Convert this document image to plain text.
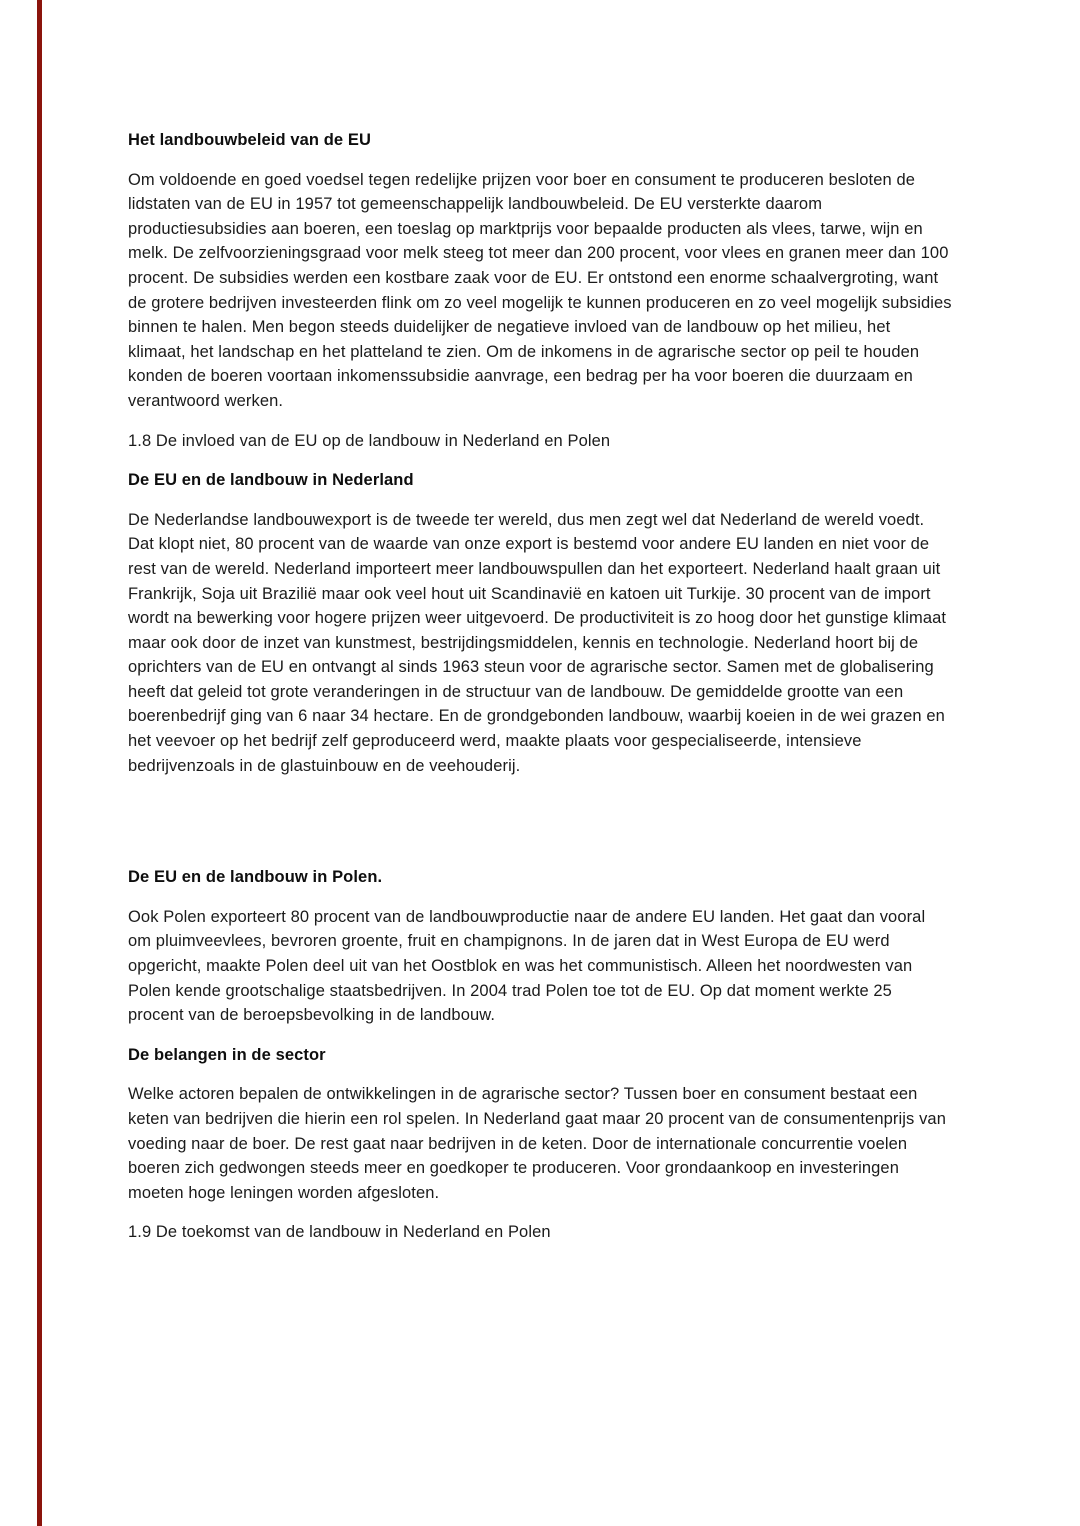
Het landbouwbeleid van de EU
Om voldoende en goed voedsel tegen redelijke prijzen voor boer en consument te produceren besloten de lidstaten van de EU in 1957 tot gemeenschappelijk landbouwbeleid. De EU versterkte daarom productiesubsidies aan boeren, een toeslag op marktprijs voor bepaalde producten als vlees, tarwe, wijn en melk. De zelfvoorzieningsgraad voor melk steeg tot meer dan 200 procent, voor vlees en granen meer dan 100 procent. De subsidies werden een kostbare zaak voor de EU. Er ontstond een enorme schaalvergroting, want de grotere bedrijven investeerden flink om zo veel mogelijk te kunnen produceren en zo veel mogelijk subsidies binnen te halen. Men begon steeds duidelijker de negatieve invloed van de landbouw op het milieu, het klimaat, het landschap en het platteland te zien. Om de inkomens in de agrarische sector op peil te houden konden de boeren voortaan inkomenssubsidie aanvrage, een bedrag per ha voor boeren die duurzaam en verantwoord werken.
1.8 De invloed van de EU op de landbouw in Nederland en Polen
De EU en de landbouw in Nederland
De Nederlandse landbouwexport is de tweede ter wereld, dus men zegt wel dat Nederland de wereld voedt. Dat klopt niet, 80 procent van de waarde van onze export is bestemd voor andere EU landen en niet voor de rest van de wereld. Nederland importeert meer landbouwspullen dan het exporteert. Nederland haalt graan uit Frankrijk, Soja uit Brazilië maar ook veel hout uit Scandinavië en katoen uit Turkije. 30 procent van de import wordt na bewerking voor hogere prijzen weer uitgevoerd. De productiviteit is zo hoog door het gunstige klimaat maar ook door de inzet van kunstmest, bestrijdingsmiddelen, kennis en technologie. Nederland hoort bij de oprichters van de EU en ontvangt al sinds 1963 steun voor de agrarische sector. Samen met de globalisering heeft dat geleid tot grote veranderingen in de structuur van de landbouw. De gemiddelde grootte van een boerenbedrijf ging van 6 naar 34 hectare. En de grondgebonden landbouw, waarbij koeien in de wei grazen en het veevoer op het bedrijf zelf geproduceerd werd, maakte plaats voor gespecialiseerde, intensieve bedrijvenzoals in de glastuinbouw en de veehouderij.
De EU en de landbouw in Polen.
Ook Polen exporteert 80 procent van de landbouwproductie naar de andere EU landen. Het gaat dan vooral om pluimveevlees, bevroren groente, fruit en champignons. In de jaren dat in West Europa de EU werd opgericht, maakte Polen deel uit van het Oostblok en was het communistisch. Alleen het noordwesten van Polen kende grootschalige staatsbedrijven. In 2004 trad Polen toe tot de EU. Op dat moment werkte 25 procent van de beroepsbevolking in de landbouw.
De belangen in de sector
Welke actoren bepalen de ontwikkelingen in de agrarische sector? Tussen boer en consument bestaat een keten van bedrijven die hierin een rol spelen. In Nederland gaat maar 20 procent van de consumentenprijs van voeding naar de boer. De rest gaat naar bedrijven in de keten. Door de internationale concurrentie voelen boeren zich gedwongen steeds meer en goedkoper te produceren. Voor grondaankoop en investeringen moeten hoge leningen worden afgesloten.
1.9 De toekomst van de landbouw in Nederland en Polen
